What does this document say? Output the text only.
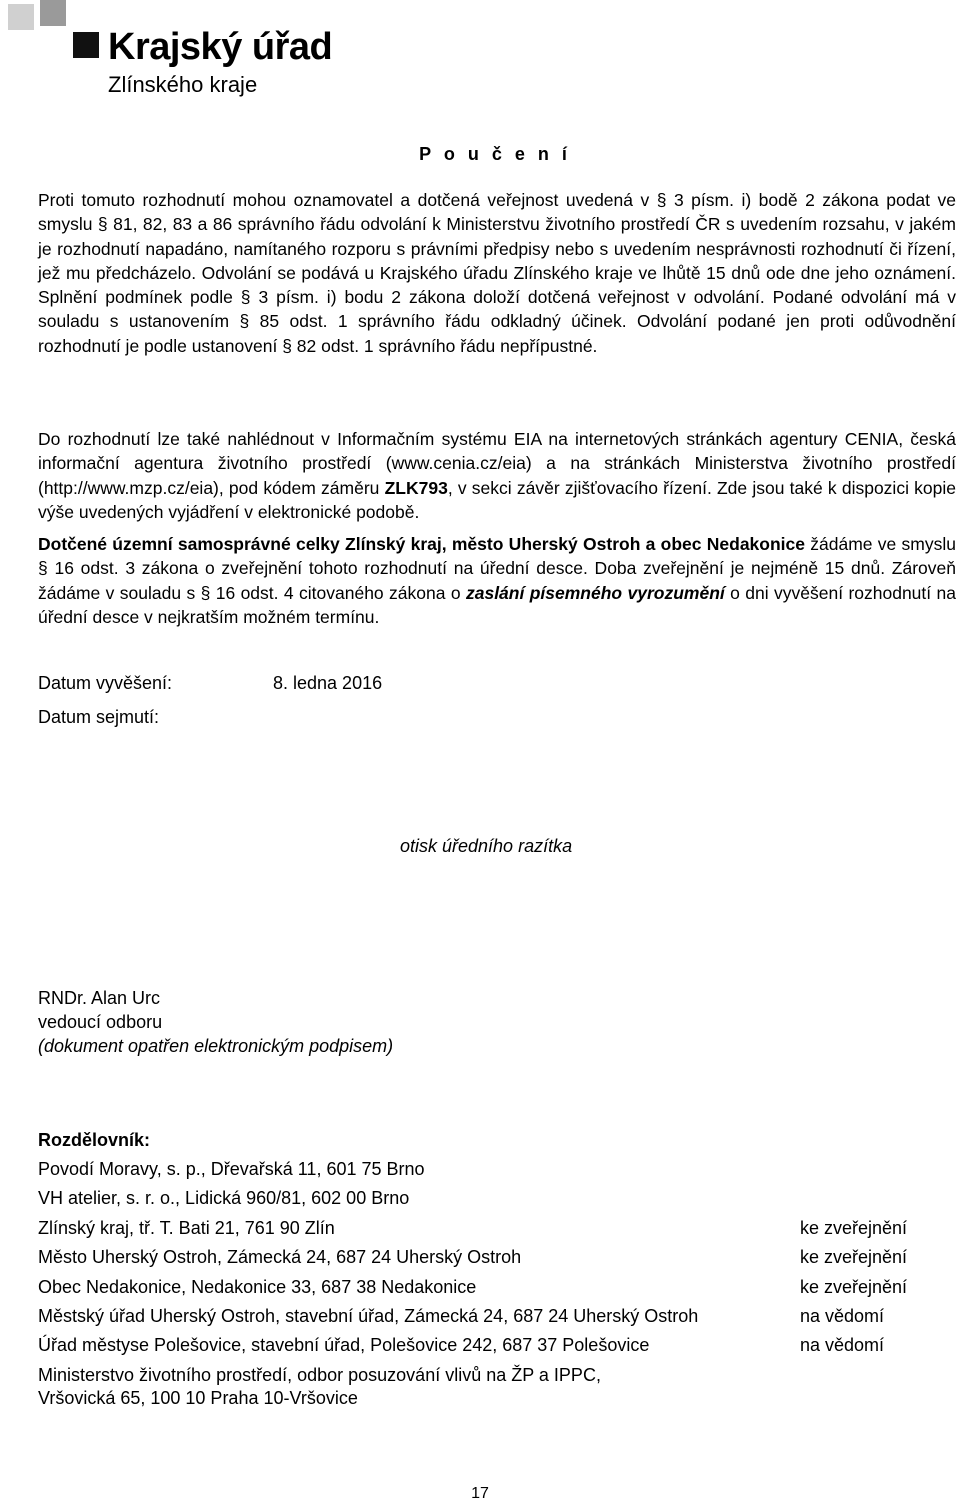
Krajský úřad
Zlínského kraje
P o u č e n í

Proti tomuto rozhodnutí mohou oznamovatel a dotčená veřejnost uvedená v § 3 písm. i) bodě 2 zákona podat ve smyslu § 81, 82, 83 a 86 správního řádu odvolání k Ministerstvu životního prostředí ČR s uvedením rozsahu, v jakém je rozhodnutí napadáno, namítaného rozporu s právními předpisy nebo s uvedením nesprávnosti rozhodnutí či řízení, jež mu předcházelo. Odvolání se podává u Krajského úřadu Zlínského kraje ve lhůtě 15 dnů ode dne jeho oznámení. Splnění podmínek podle § 3 písm. i) bodu 2 zákona doloží dotčená veřejnost v odvolání. Podané odvolání má v souladu s ustanovením § 85 odst. 1 správního řádu odkladný účinek. Odvolání podané jen proti odůvodnění rozhodnutí je podle ustanovení § 82 odst. 1 správního řádu nepřípustné.

Do rozhodnutí lze také nahlédnout v Informačním systému EIA na internetových stránkách agentury CENIA, česká informační agentura životního prostředí (www.cenia.cz/eia) a na stránkách Ministerstva životního prostředí (http://www.mzp.cz/eia), pod kódem záměru ZLK793, v sekci závěr zjišťovacího řízení. Zde jsou také k dispozici kopie výše uvedených vyjádření v elektronické podobě.

Dotčené územní samosprávné celky Zlínský kraj, město Uherský Ostroh a obec Nedakonice žádáme ve smyslu § 16 odst. 3 zákona o zveřejnění tohoto rozhodnutí na úřední desce. Doba zveřejnění je nejméně 15 dnů. Zároveň žádáme v souladu s § 16 odst. 4 citovaného zákona o zaslání písemného vyrozumění o dni vyvěšení rozhodnutí na úřední desce v nejkratším možném termínu.

Datum vyvěšení:	8. ledna 2016
Datum sejmutí:
otisk úředního razítka
RNDr. Alan Urc
vedoucí odboru
(dokument opatřen elektronickým podpisem)
Rozdělovník:
Povodí Moravy, s. p., Dřevařská 11, 601 75 Brno
VH atelier, s. r. o., Lidická 960/81, 602 00 Brno
Zlínský kraj, tř. T. Bati 21, 761 90 Zlín	ke zveřejnění
Město Uherský Ostroh, Zámecká 24, 687 24 Uherský Ostroh	ke zveřejnění
Obec Nedakonice, Nedakonice 33, 687 38 Nedakonice	ke zveřejnění
Městský úřad Uherský Ostroh, stavební úřad, Zámecká 24, 687 24 Uherský Ostroh	na vědomí
Úřad městyse Polešovice, stavební úřad, Polešovice 242, 687 37 Polešovice	na vědomí
Ministerstvo životního prostředí, odbor posuzování vlivů na ŽP a IPPC,
Vršovická 65, 100 10 Praha 10-Vršovice
17
